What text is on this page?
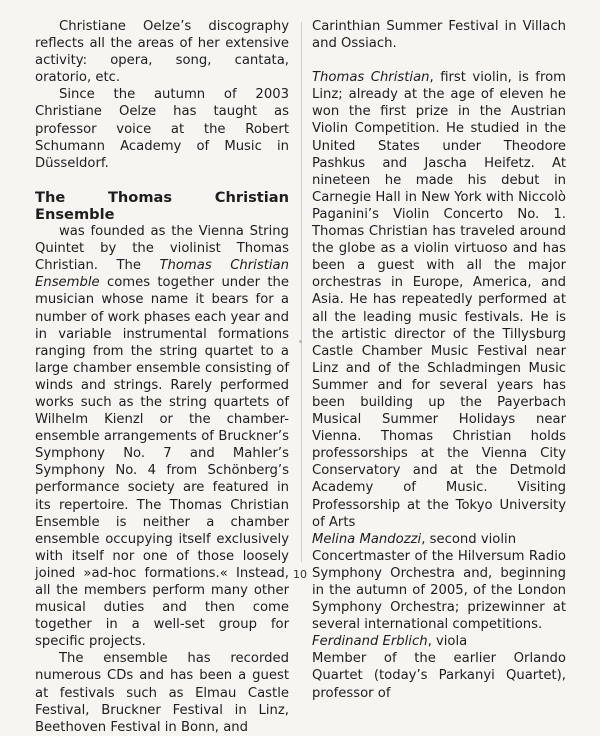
Christiane Oelze’s discography reflects all the areas of her extensive activity: opera, song, cantata, oratorio, etc.

Since the autumn of 2003 Christiane Oelze has taught as professor voice at the Robert Schumann Academy of Music in Düsseldorf.

The Thomas Christian Ensemble

was founded as the Vienna String Quintet by the violinist Thomas Christian. The Thomas Christian Ensemble comes together under the musician whose name it bears for a number of work phases each year and in variable instrumental formations ranging from the string quartet to a large chamber ensemble consisting of winds and strings. Rarely performed works such as the string quartets of Wilhelm Kienzl or the chamber-ensemble arrangements of Bruckner’s Symphony No. 7 and Mahler’s Symphony No. 4 from Schönberg’s performance society are featured in its repertoire. The Thomas Christian Ensemble is neither a chamber ensemble occupying itself exclusively with itself nor one of those loosely joined »ad-hoc formations.« Instead, all the members perform many other musical duties and then come together in a well-set group for specific projects.

The ensemble has recorded numerous CDs and has been a guest at festivals such as Elmau Castle Festival, Bruckner Festival in Linz, Beethoven Festival in Bonn, and

Carinthian Summer Festival in Villach and Ossiach.

Thomas Christian, first violin, is from Linz; already at the age of eleven he won the first prize in the Austrian Violin Competition. He studied in the United States under Theodore Pashkus and Jascha Heifetz. At nineteen he made his debut in Carnegie Hall in New York with Niccolò Paganini’s Violin Concerto No. 1. Thomas Christian has traveled around the globe as a violin virtuoso and has been a guest with all the major orchestras in Europe, America, and Asia. He has repeatedly performed at all the leading music festivals. He is the artistic director of the Tillysburg Castle Chamber Music Festival near Linz and of the Schladmingen Music Summer and for several years has been building up the Payerbach Musical Summer Holidays near Vienna. Thomas Christian holds professorships at the Vienna City Conservatory and at the Detmold Academy of Music. Visiting Professorship at the Tokyo University of Arts

Melina Mandozzi, second violin

Concertmaster of the Hilversum Radio Symphony Orchestra and, beginning in the autumn of 2005, of the London Symphony Orchestra; prizewinner at several international competitions.

Ferdinand Erblich, viola

Member of the earlier Orlando Quartet (today’s Parkanyi Quartet), professor of

10
